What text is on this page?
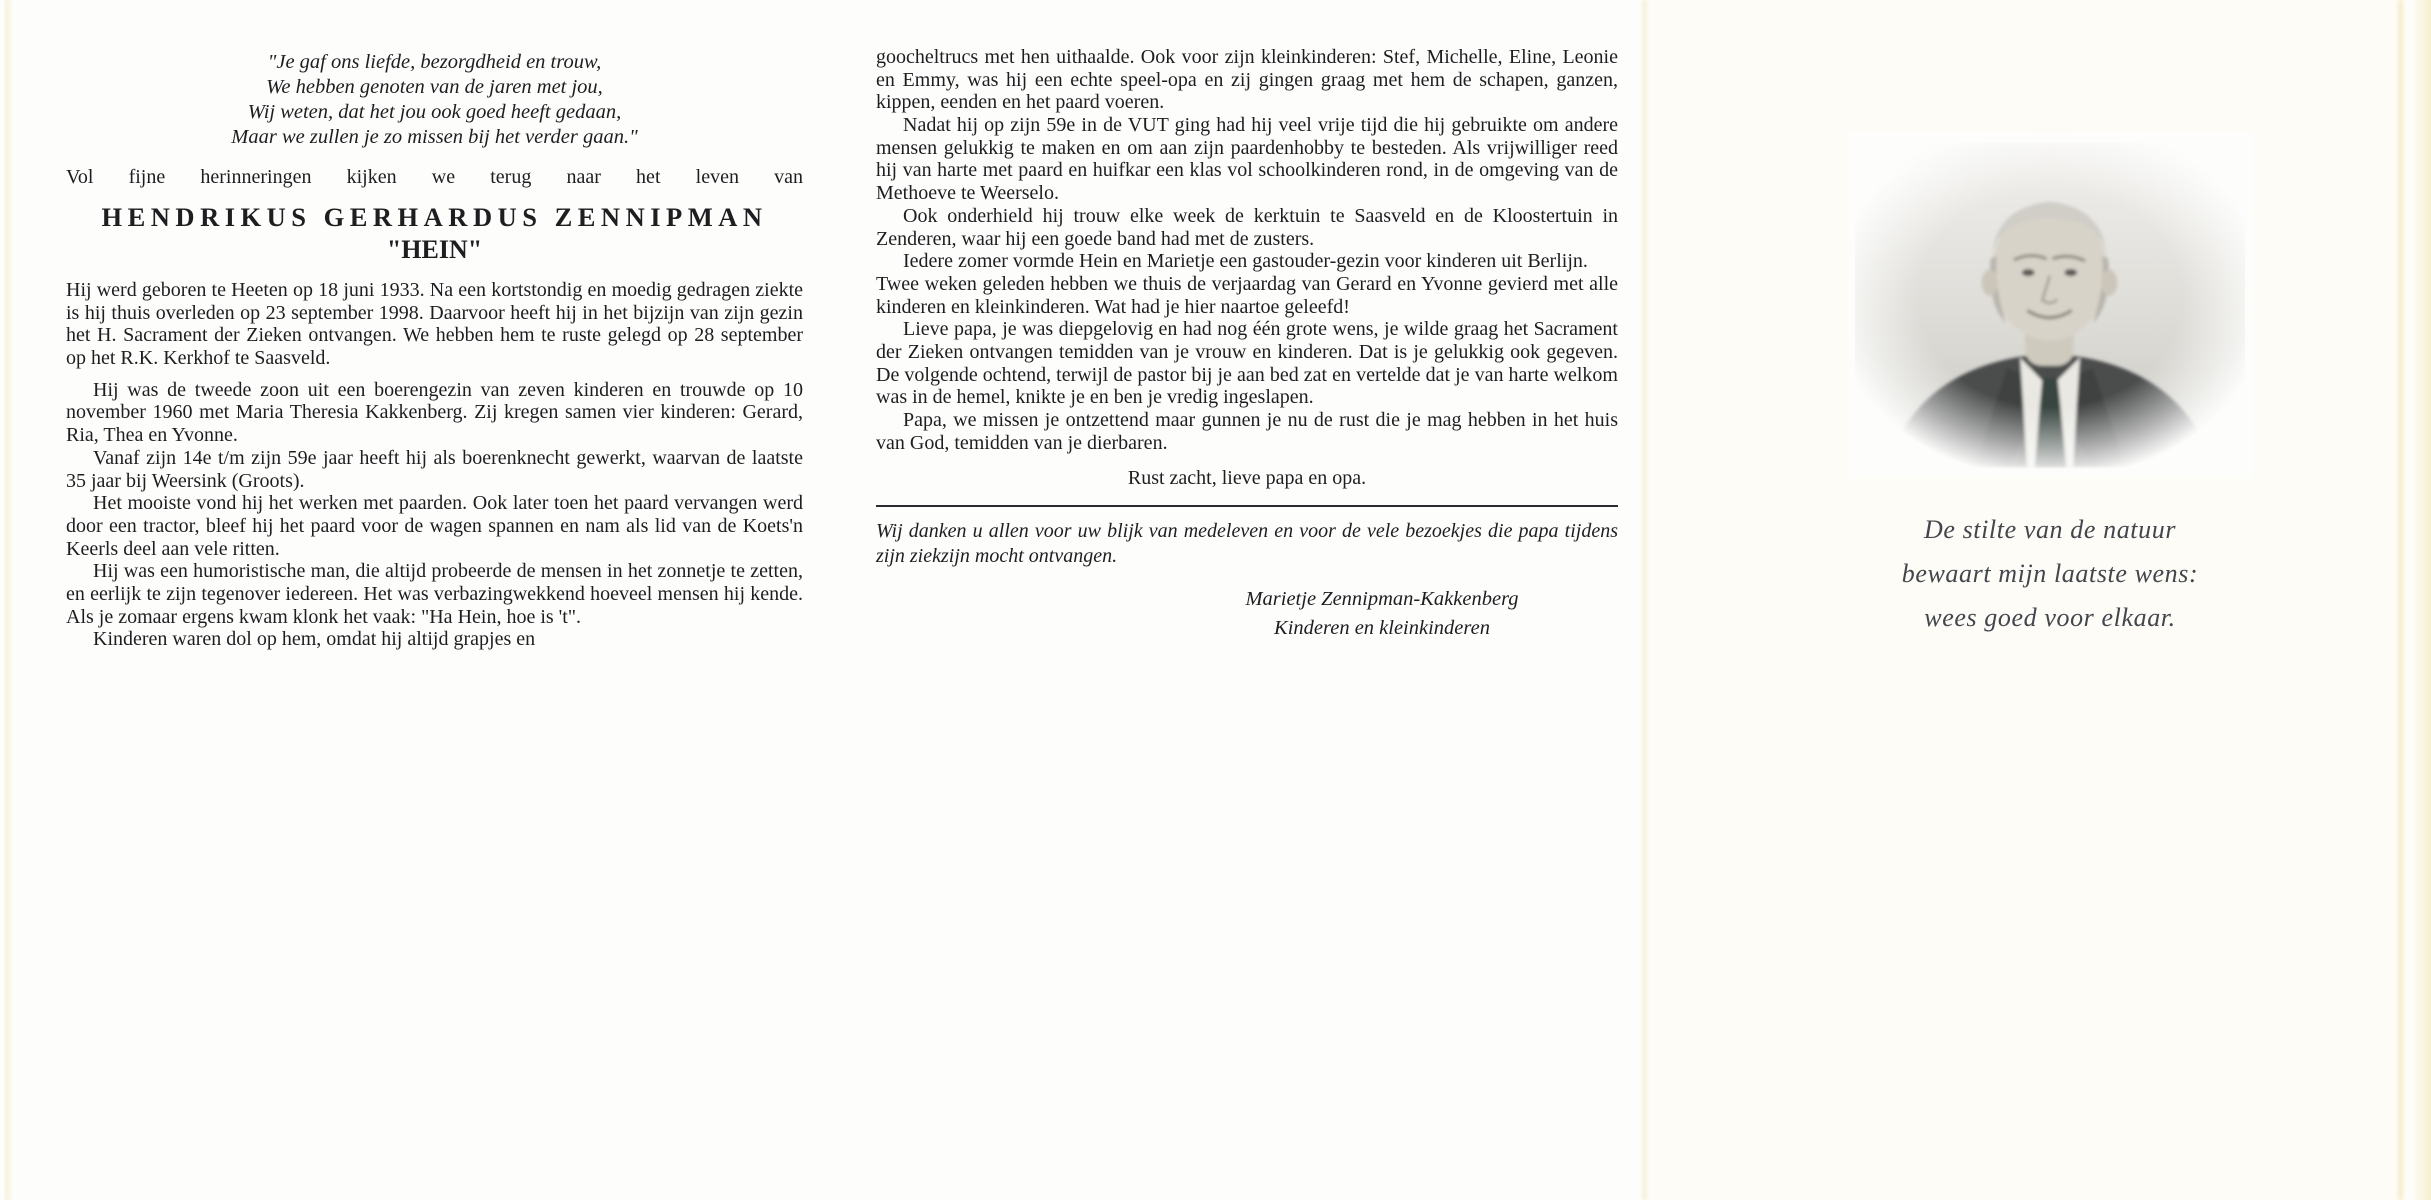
"Je gaf ons liefde, bezorgdheid en trouw,
We hebben genoten van de jaren met jou,
Wij weten, dat het jou ook goed heeft gedaan,
Maar we zullen je zo missen bij het verder gaan."

Vol fijne herinneringen kijken we terug naar het leven van

HENDRIKUS GERHARDUS ZENNIPMAN
"HEIN"

Hij werd geboren te Heeten op 18 juni 1933. Na een kortstondig en moedig gedragen ziekte is hij thuis overleden op 23 september 1998. Daarvoor heeft hij in het bijzijn van zijn gezin het H. Sacrament der Zieken ontvangen. We hebben hem te ruste gelegd op 28 september op het R.K. Kerkhof te Saasveld.

Hij was de tweede zoon uit een boerengezin van zeven kinderen en trouwde op 10 november 1960 met Maria Theresia Kakkenberg. Zij kregen samen vier kinderen: Gerard, Ria, Thea en Yvonne.

Vanaf zijn 14e t/m zijn 59e jaar heeft hij als boerenknecht gewerkt, waarvan de laatste 35 jaar bij Weersink (Groots).

Het mooiste vond hij het werken met paarden. Ook later toen het paard vervangen werd door een tractor, bleef hij het paard voor de wagen spannen en nam als lid van de Koets'n Keerls deel aan vele ritten.

Hij was een humoristische man, die altijd probeerde de mensen in het zonnetje te zetten, en eerlijk te zijn tegenover iedereen. Het was verbazingwekkend hoeveel mensen hij kende. Als je zomaar ergens kwam klonk het vaak: "Ha Hein, hoe is 't".

Kinderen waren dol op hem, omdat hij altijd grapjes en

goocheltrucs met hen uithaalde. Ook voor zijn kleinkinderen: Stef, Michelle, Eline, Leonie en Emmy, was hij een echte speel-opa en zij gingen graag met hem de schapen, ganzen, kippen, eenden en het paard voeren.

Nadat hij op zijn 59e in de VUT ging had hij veel vrije tijd die hij gebruikte om andere mensen gelukkig te maken en om aan zijn paardenhobby te besteden. Als vrijwilliger reed hij van harte met paard en huifkar een klas vol schoolkinderen rond, in de omgeving van de Methoeve te Weerselo.

Ook onderhield hij trouw elke week de kerktuin te Saasveld en de Kloostertuin in Zenderen, waar hij een goede band had met de zusters.

Iedere zomer vormde Hein en Marietje een gastouder-gezin voor kinderen uit Berlijn.

Twee weken geleden hebben we thuis de verjaardag van Gerard en Yvonne gevierd met alle kinderen en kleinkinderen. Wat had je hier naartoe geleefd!

Lieve papa, je was diepgelovig en had nog één grote wens, je wilde graag het Sacrament der Zieken ontvangen temidden van je vrouw en kinderen. Dat is je gelukkig ook gegeven. De volgende ochtend, terwijl de pastor bij je aan bed zat en vertelde dat je van harte welkom was in de hemel, knikte je en ben je vredig ingeslapen.

Papa, we missen je ontzettend maar gunnen je nu de rust die je mag hebben in het huis van God, temidden van je dierbaren.

Rust zacht, lieve papa en opa.

Wij danken u allen voor uw blijk van medeleven en voor de vele bezoekjes die papa tijdens zijn ziekzijn mocht ontvangen.

Marietje Zennipman-Kakkenberg
Kinderen en kleinkinderen
De stilte van de natuur
bewaart mijn laatste wens:
wees goed voor elkaar.
